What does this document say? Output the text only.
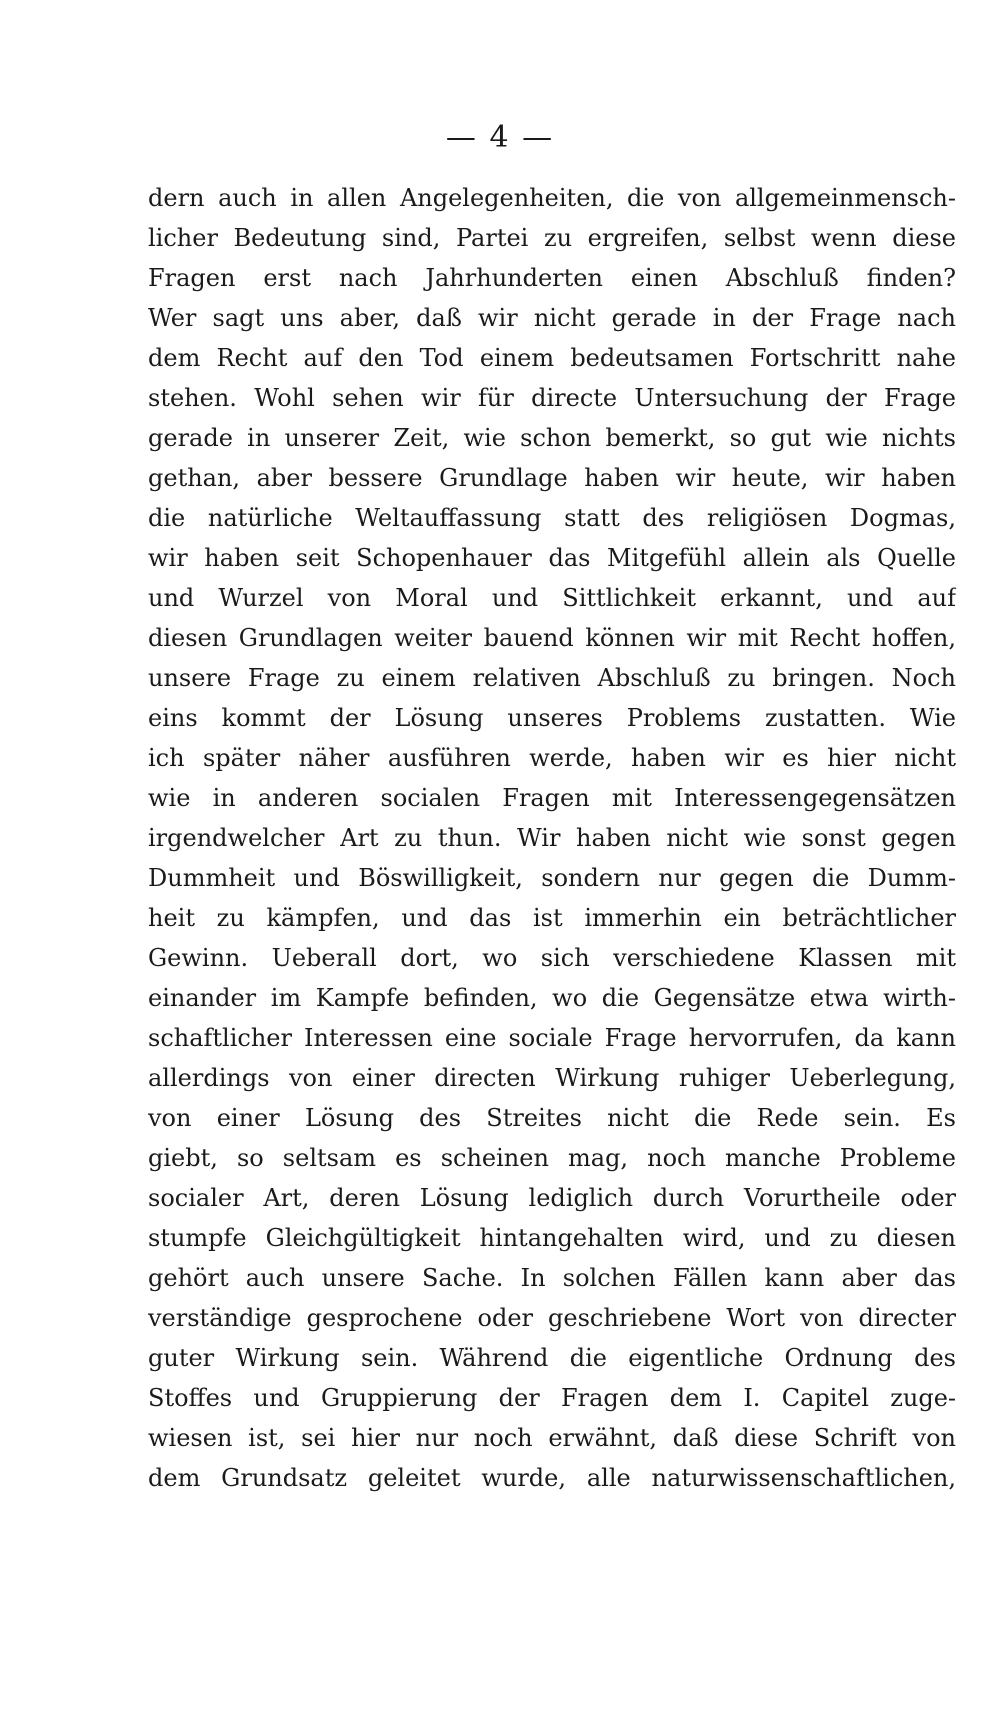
— 4 —
dern auch in allen Angelegenheiten, die von allgemeinmensch-
licher Bedeutung sind, Partei zu ergreifen, selbst wenn diese
Fragen erst nach Jahrhunderten einen Abschluß finden?
Wer sagt uns aber, daß wir nicht gerade in der Frage nach
dem Recht auf den Tod einem bedeutsamen Fortschritt nahe
stehen. Wohl sehen wir für directe Untersuchung der Frage
gerade in unserer Zeit, wie schon bemerkt, so gut wie nichts
gethan, aber bessere Grundlage haben wir heute, wir haben
die natürliche Weltauffassung statt des religiösen Dogmas,
wir haben seit Schopenhauer das Mitgefühl allein als Quelle
und Wurzel von Moral und Sittlichkeit erkannt, und auf
diesen Grundlagen weiter bauend können wir mit Recht hoffen,
unsere Frage zu einem relativen Abschluß zu bringen. Noch
eins kommt der Lösung unseres Problems zustatten. Wie
ich später näher ausführen werde, haben wir es hier nicht
wie in anderen socialen Fragen mit Interessengegensätzen
irgendwelcher Art zu thun. Wir haben nicht wie sonst gegen
Dummheit und Böswilligkeit, sondern nur gegen die Dumm-
heit zu kämpfen, und das ist immerhin ein beträchtlicher
Gewinn. Ueberall dort, wo sich verschiedene Klassen mit
einander im Kampfe befinden, wo die Gegensätze etwa wirth-
schaftlicher Interessen eine sociale Frage hervorrufen, da kann
allerdings von einer directen Wirkung ruhiger Ueberlegung,
von einer Lösung des Streites nicht die Rede sein. Es
giebt, so seltsam es scheinen mag, noch manche Probleme
socialer Art, deren Lösung lediglich durch Vorurtheile oder
stumpfe Gleichgültigkeit hintangehalten wird, und zu diesen
gehört auch unsere Sache. In solchen Fällen kann aber das
verständige gesprochene oder geschriebene Wort von directer
guter Wirkung sein. Während die eigentliche Ordnung des
Stoffes und Gruppierung der Fragen dem I. Capitel zuge-
wiesen ist, sei hier nur noch erwähnt, daß diese Schrift von
dem Grundsatz geleitet wurde, alle naturwissenschaftlichen,
